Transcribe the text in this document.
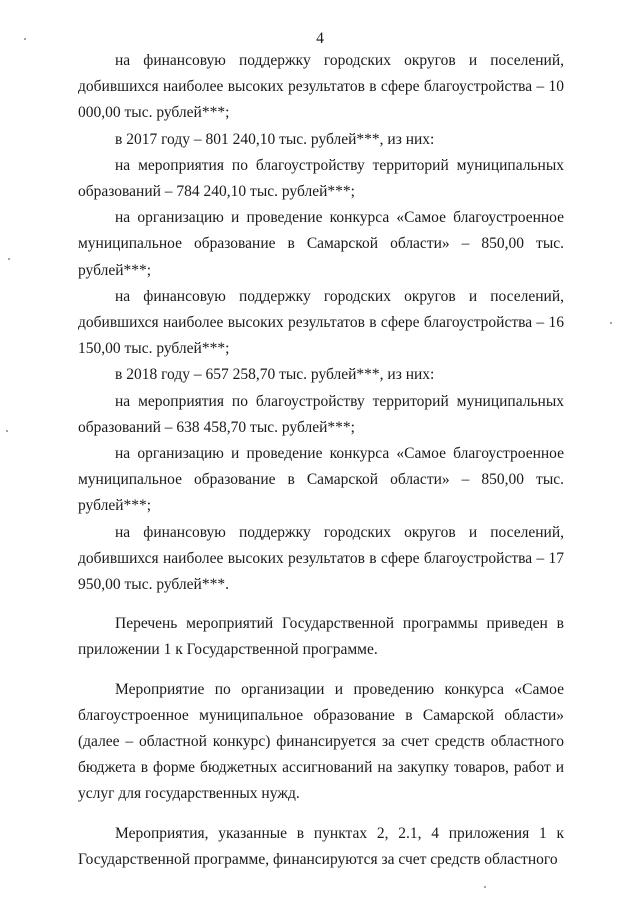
4

на финансовую поддержку городских округов и поселений, добившихся наиболее высоких результатов в сфере благоустройства – 10 000,00 тыс. рублей***;

в 2017 году – 801 240,10 тыс. рублей***, из них:

на мероприятия по благоустройству территорий муниципальных образований – 784 240,10 тыс. рублей***;

на организацию и проведение конкурса «Самое благоустроенное муниципальное образование в Самарской области» – 850,00 тыс. рублей***;

на финансовую поддержку городских округов и поселений, добившихся наиболее высоких результатов в сфере благоустройства – 16 150,00 тыс. рублей***;

в 2018 году – 657 258,70 тыс. рублей***, из них:

на мероприятия по благоустройству территорий муниципальных образований – 638 458,70 тыс. рублей***;

на организацию и проведение конкурса «Самое благоустроенное муниципальное образование в Самарской области» – 850,00 тыс. рублей***;

на финансовую поддержку городских округов и поселений, добившихся наиболее высоких результатов в сфере благоустройства – 17 950,00 тыс. рублей***.

Перечень мероприятий Государственной программы приведен в приложении 1 к Государственной программе.

Мероприятие по организации и проведению конкурса «Самое благоустроенное муниципальное образование в Самарской области» (далее – областной конкурс) финансируется за счет средств областного бюджета в форме бюджетных ассигнований на закупку товаров, работ и услуг для государственных нужд.

Мероприятия, указанные в пунктах 2, 2.1, 4 приложения 1 к Государственной программе, финансируются за счет средств областного
